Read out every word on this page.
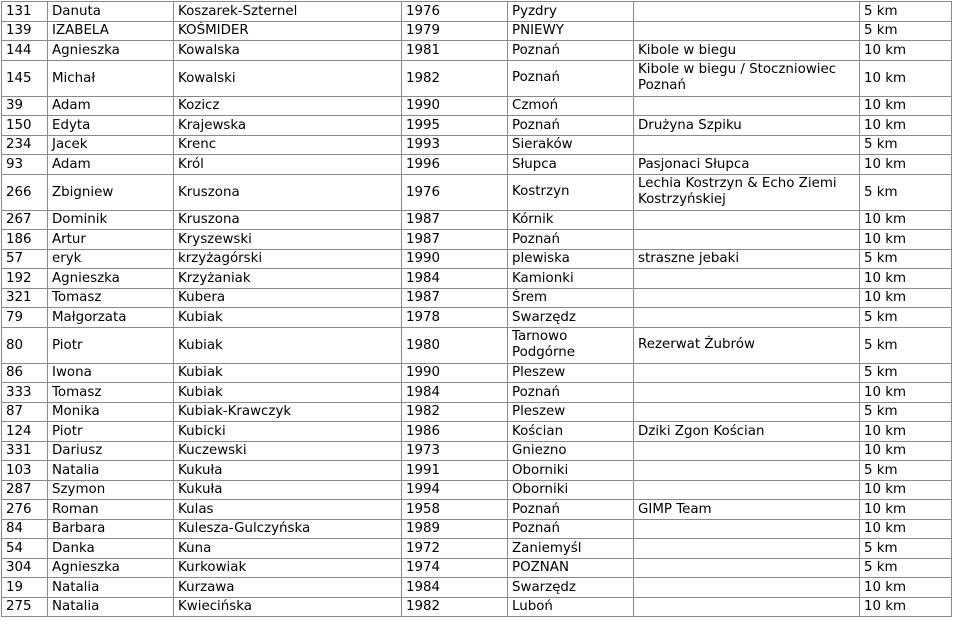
131	Danuta	Koszarek-Szternel	1976	Pyzdry		5 km
139	IZABELA	KOŚMIDER	1979	PNIEWY		5 km
144	Agnieszka	Kowalska	1981	Poznań	Kibole w biegu	10 km
145	Michał	Kowalski	1982	Poznań	Kibole w biegu / Stoczniowiec Poznań	10 km
39	Adam	Kozicz	1990	Czmoń		10 km
150	Edyta	Krajewska	1995	Poznań	Drużyna Szpiku	10 km
234	Jacek	Krenc	1993	Sieraków		5 km
93	Adam	Król	1996	Słupca	Pasjonaci Słupca	10 km
266	Zbigniew	Kruszona	1976	Kostrzyn	Lechia Kostrzyn & Echo Ziemi Kostrzyńskiej	5 km
267	Dominik	Kruszona	1987	Kórnik		10 km
186	Artur	Kryszewski	1987	Poznań		10 km
57	eryk	krzyżagórski	1990	plewiska	straszne jebaki	5 km
192	Agnieszka	Krzyżaniak	1984	Kamionki		10 km
321	Tomasz	Kubera	1987	Śrem		10 km
79	Małgorzata	Kubiak	1978	Swarzędz		5 km
80	Piotr	Kubiak	1980	Tarnowo Podgórne	Rezerwat Żubrów	5 km
86	Iwona	Kubiak	1990	Pleszew		5 km
333	Tomasz	Kubiak	1984	Poznań		10 km
87	Monika	Kubiak-Krawczyk	1982	Pleszew		5 km
124	Piotr	Kubicki	1986	Kościan	Dziki Zgon Kościan	10 km
331	Dariusz	Kuczewski	1973	Gniezno		10 km
103	Natalia	Kukuła	1991	Oborniki		5 km
287	Szymon	Kukuła	1994	Oborniki		10 km
276	Roman	Kulas	1958	Poznań	GIMP Team	10 km
84	Barbara	Kulesza-Gulczyńska	1989	Poznań		10 km
54	Danka	Kuna	1972	Zaniemyśl		5 km
304	Agnieszka	Kurkowiak	1974	POZNAN		5 km
19	Natalia	Kurzawa	1984	Swarzędz		10 km
275	Natalia	Kwiecińska	1982	Luboń		10 km
